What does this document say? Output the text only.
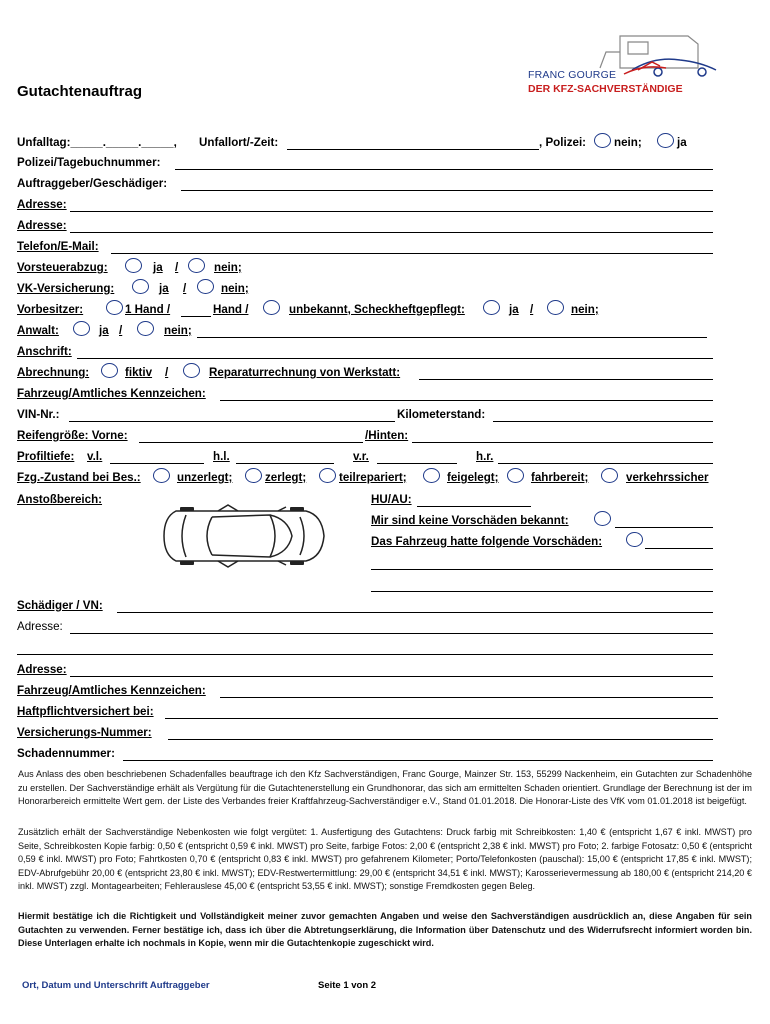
FRANC GOURGE
DER KFZ-SACHVERSTÄNDIGE
Gutachtenauftrag
Unfalltag:_____._____._____, Unfallort/-Zeit:	, Polizei: nein;	ja
Polizei/Tagebuchnummer:
Auftraggeber/Geschädiger:
Adresse:
Adresse:
Telefon/E-Mail:
Vorsteuerabzug:	ja /	nein;
VK-Versicherung:	ja /	nein;
Vorbesitzer:	1 Hand /	Hand /	unbekannt, Scheckheftgepflegt:	ja /	nein;
Anwalt:	ja /	nein;
Anschrift:
Abrechnung:	fiktiv /	Reparaturrechnung von Werkstatt:
Fahrzeug/Amtliches Kennzeichen:
VIN-Nr.:	Kilometerstand:
Reifengröße: Vorne:	/Hinten:
Profiltiefe: v.l.	h.l.	v.r.	h.r.
Fzg.-Zustand bei Bes.:	unzerlegt;	zerlegt;	teilrepariert;	feigelegt;	fahrbereit;	verkehrssicher
Anstoßbereich:	HU/AU:
Mir sind keine Vorschäden bekannt:
Das Fahrzeug hatte folgende Vorschäden:
Schädiger / VN:
Adresse:
Adresse:
Fahrzeug/Amtliches Kennzeichen:
Haftpflichtversichert bei:
Versicherungs-Nummer:
Schadennummer:
Aus Anlass des oben beschriebenen Schadenfalles beauftrage ich den Kfz Sachverständigen, Franc Gourge, Mainzer Str. 153, 55299 Nackenheim, ein Gutachten zur Schadenhöhe zu erstellen. Der Sachverständige erhält als Vergütung für die Gutachtenerstellung ein Grundhonorar, das sich am ermittelten Schaden orientiert. Grundlage der Berechnung ist der im Honorarbereich ermittelte Wert gem. der Liste des Verbandes freier Kraftfahrzeug-Sachverständiger e.V., Stand 01.01.2018. Die Honorar-Liste des VfK vom 01.01.2018 ist beigefügt.
Zusätzlich erhält der Sachverständige Nebenkosten wie folgt vergütet: 1. Ausfertigung des Gutachtens: Druck farbig mit Schreibkosten: 1,40 € (entspricht 1,67 € inkl. MWST) pro Seite, Schreibkosten Kopie farbig: 0,50 € (entspricht 0,59 € inkl. MWST) pro Seite, farbige Fotos: 2,00 € (entspricht 2,38 € inkl. MWST) pro Foto; 2. farbige Fotosatz: 0,50 € (entspricht 0,59 € inkl. MWST) pro Foto; Fahrtkosten 0,70 € (entspricht 0,83 € inkl. MWST) pro gefahrenem Kilometer; Porto/Telefonkosten (pauschal): 15,00 € (entspricht 17,85 € inkl. MWST); EDV-Abrufgebühr 20,00 € (entspricht 23,80 € inkl. MWST); EDV-Restwertermittlung: 29,00 € (entspricht 34,51 € inkl. MWST); Karosserievermessung ab 180,00 € (entspricht 214,20 € inkl. MWST) zzgl. Montagearbeiten; Fehlerauslese 45,00 € (entspricht 53,55 € inkl. MWST); sonstige Fremdkosten gegen Beleg.
Hiermit bestätige ich die Richtigkeit und Vollständigkeit meiner zuvor gemachten Angaben und weise den Sachverständigen ausdrücklich an, diese Angaben für sein Gutachten zu verwenden. Ferner bestätige ich, dass ich über die Abtretungserklärung, die Information über Datenschutz und des Widerrufsrecht informiert worden bin. Diese Unterlagen erhalte ich nochmals in Kopie, wenn mir die Gutachtenkopie zugeschickt wird.
Ort, Datum und Unterschrift Auftraggeber	Seite 1 von 2
